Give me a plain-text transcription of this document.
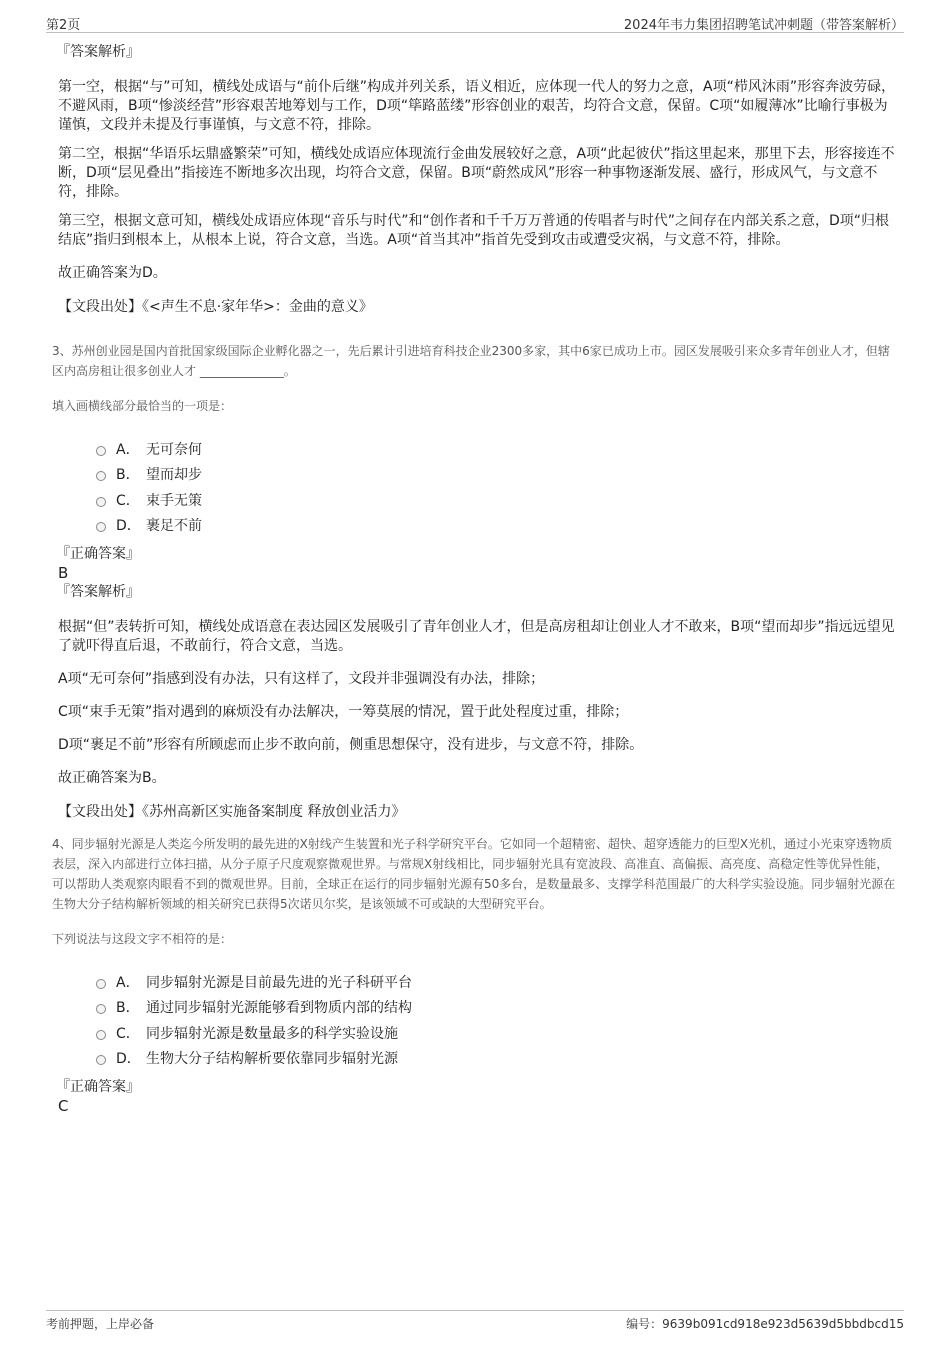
第2页	2024年韦力集团招聘笔试冲刺题（带答案解析）

『答案解析』

第一空，根据“与”可知，横线处成语与“前仆后继”构成并列关系，语义相近，应体现一代人的努力之意，A项“栉风沐雨”形容奔波劳碌，不避风雨，B项“惨淡经营”形容艰苦地筹划与工作，D项“筚路蓝缕”形容创业的艰苦，均符合文意，保留。C项“如履薄冰”比喻行事极为谨慎，文段并未提及行事谨慎，与文意不符，排除。

第二空，根据“华语乐坛鼎盛繁荣”可知，横线处成语应体现流行金曲发展较好之意，A项“此起彼伏”指这里起来，那里下去，形容接连不断，D项“层见叠出”指接连不断地多次出现，均符合文意，保留。B项“蔚然成风”形容一种事物逐渐发展、盛行，形成风气，与文意不符，排除。

第三空，根据文意可知，横线处成语应体现“音乐与时代”和“创作者和千千万万普通的传唱者与时代”之间存在内部关系之意，D项“归根结底”指归到根本上，从根本上说，符合文意，当选。A项“首当其冲”指首先受到攻击或遭受灾祸，与文意不符，排除。

故正确答案为D。

【文段出处】《<声生不息·家年华>：金曲的意义》

3、苏州创业园是国内首批国家级国际企业孵化器之一，先后累计引进培育科技企业2300多家，其中6家已成功上市。园区发展吸引来众多青年创业人才，但辖区内高房租让很多创业人才 ______________。

填入画横线部分最恰当的一项是：

A． 无可奈何
B． 望而却步
C． 束手无策
D． 裹足不前

『正确答案』

B

『答案解析』

根据“但”表转折可知，横线处成语意在表达园区发展吸引了青年创业人才，但是高房租却让创业人才不敢来，B项“望而却步”指远远望见了就吓得直后退，不敢前行，符合文意，当选。

A项“无可奈何”指感到没有办法，只有这样了，文段并非强调没有办法，排除；

C项“束手无策”指对遇到的麻烦没有办法解决，一筹莫展的情况，置于此处程度过重，排除；

D项“裹足不前”形容有所顾虑而止步不敢向前，侧重思想保守，没有进步，与文意不符，排除。

故正确答案为B。

【文段出处】《苏州高新区实施备案制度 释放创业活力》

4、同步辐射光源是人类迄今所发明的最先进的X射线产生装置和光子科学研究平台。它如同一个超精密、超快、超穿透能力的巨型X光机，通过小光束穿透物质表层，深入内部进行立体扫描，从分子原子尺度观察微观世界。与常规X射线相比，同步辐射光具有宽波段、高准直、高偏振、高亮度、高稳定性等优异性能，可以帮助人类观察肉眼看不到的微观世界。目前，全球正在运行的同步辐射光源有50多台，是数量最多、支撑学科范围最广的大科学实验设施。同步辐射光源在生物大分子结构解析领域的相关研究已获得5次诺贝尔奖，是该领域不可或缺的大型研究平台。

下列说法与这段文字不相符的是：

A． 同步辐射光源是目前最先进的光子科研平台
B． 通过同步辐射光源能够看到物质内部的结构
C． 同步辐射光源是数量最多的科学实验设施
D． 生物大分子结构解析要依靠同步辐射光源

『正确答案』

C

考前押题，上岸必备	编号：9639b091cd918e923d5639d5bbdbcd15
